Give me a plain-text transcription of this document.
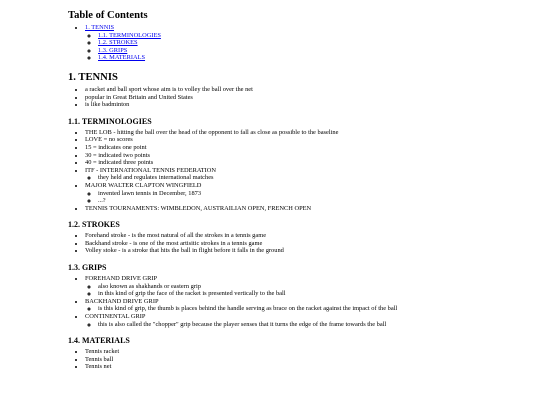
Table of Contents
• 1. TENNIS
◦ 1.1. TERMINOLOGIES
◦ 1.2. STROKES
◦ 1.3. GRIPS
◦ 1.4. MATERIALS
1. TENNIS
• a racket and ball sport whose aim is to volley the ball over the net
• popular in Great Britain and United States
• is like badminton
1.1. TERMINOLOGIES
• THE LOB - hitting the ball over the head of the opponent to fall as close as possible to the baseline
• LOVE = no scores
• 15 = indicates one point
• 30 = indicated two points
• 40 = indicated three points
• ITF - INTERNATIONAL TENNIS FEDERATION
◦ they held and regulates international matches
• MAJOR WALTER CLAPTON WINGFIELD
◦ invented lawn tennis in December, 1873
◦ ...?
• TENNIS TOURNAMENTS: WIMBLEDON, AUSTRAILIAN OPEN, FRENCH OPEN
1.2. STROKES
• Forehand stroke - is the most natural of all the strokes in a tennis game
• Backhand stroke - is one of the most artisitic strokes in a tennis game
• Volley stoke - is a stroke that hits the ball in flight before it falls in the ground
1.3. GRIPS
• FOREHAND DRIVE GRIP
◦ also known as shakhands or eastern grip
◦ in this kind of grip the face of the racket is presented vertically to the ball
• BACKHAND DRIVE GRIP
◦ is this kind of grip, the thumb is places behind the handle serving as brace on the racket against the impact of the ball
• CONTINENTAL GRIP
◦ this is also called the "chopper" grip because the player senses that it turns the edge of the frame towards the ball
1.4. MATERIALS
• Tennis racket
• Tennis ball
• Tennis net
